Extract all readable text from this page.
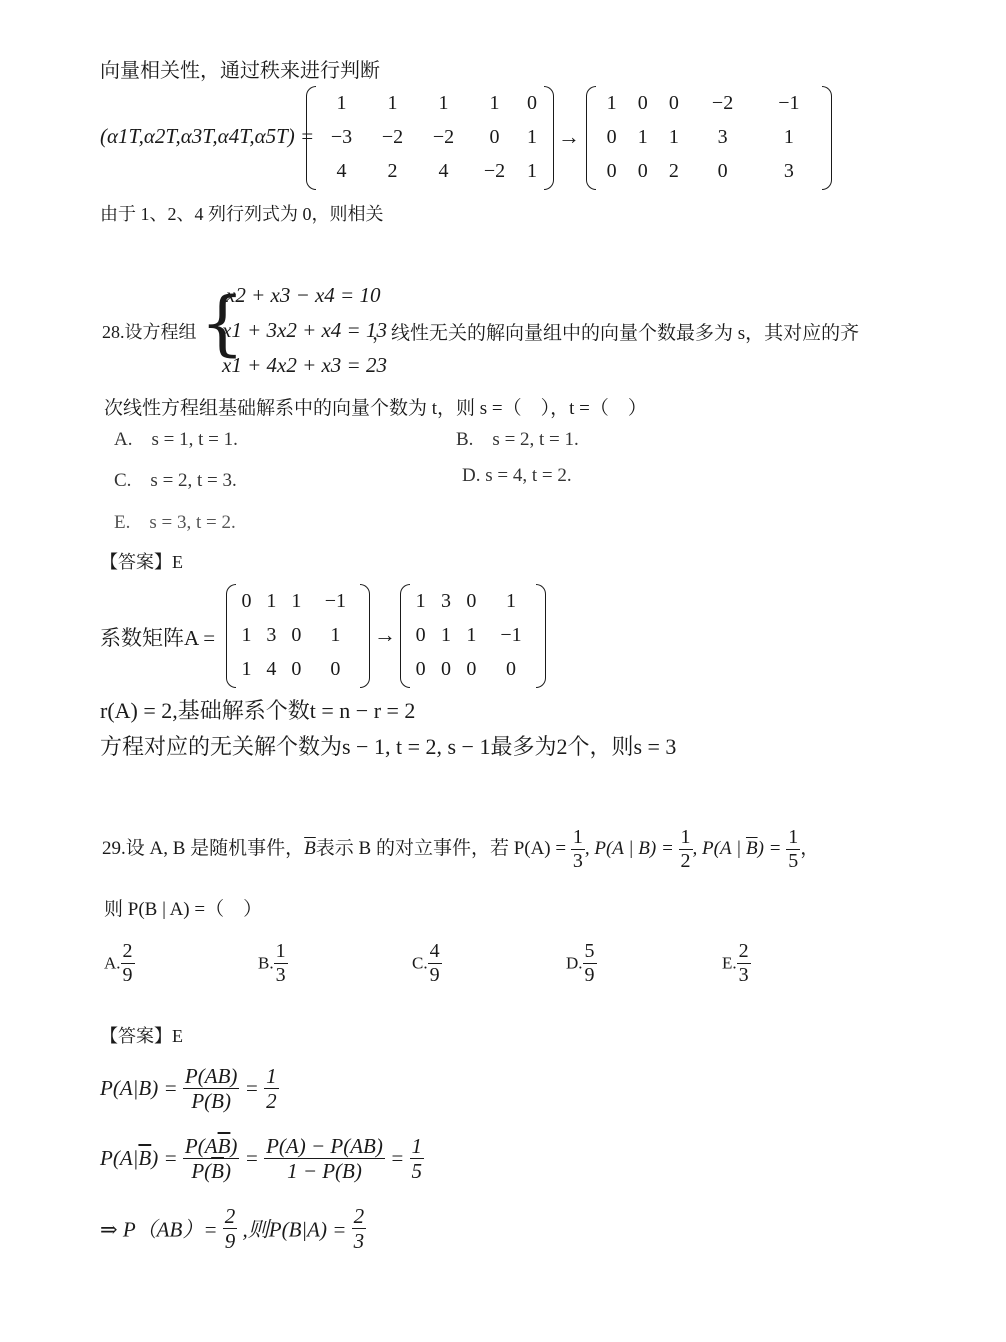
向量相关性，通过秩来进行判断
(α1T,α2T,α3T,α4T,α5T) =
1	1	1	1	0
−3	−2	−2	0	1
4	2	4	−2	1
→
1	0	0	−2	−1
0	1	1	3	1
0	0	2	0	3
由于 1、2、4 列行列式为 0，则相关
28.设方程组 {
x2 + x3 − x4 = 10
x1 + 3x2 + x4 = 13
x1 + 4x2 + x3 = 23
，线性无关的解向量组中的向量个数最多为 s，其对应的齐
次线性方程组基础解系中的向量个数为 t，则 s =（　），t =（　）
A.　s = 1, t = 1.	B.　s = 2, t = 1.
C.　s = 2, t = 3.	D. s = 4, t = 2.
E.　s = 3, t = 2.
【答案】E
系数矩阵A =
0	1	1	−1
1	3	0	1
1	4	0	0
→
1	3	0	1
0	1	1	−1
0	0	0	0
r(A) = 2,基础解系个数t = n − r = 2
方程对应的无关解个数为s − 1, t = 2, s − 1最多为2个，则s = 3
29.设 A, B 是随机事件，$\overline{B}$表示 B 的对立事件，若 $P(A) = \frac{1}{3}$ , P(A | $B) = \frac{1}{2}$ , P(A | $\overline{B}) = \frac{1}{5}$ ，
则 P(B | A) =（　）
A. $\frac{2}{9}$	B. $\frac{1}{3}$	C. $\frac{4}{9}$	D. $\frac{5}{9}$	E. $\frac{2}{3}$
【答案】E
$P(A|B) = \frac{P(AB)}{P(B)} = \frac{1}{2}$
$P(A|\overline{B}) = \frac{P(A\overline{B})}{P(\overline{B})} = \frac{P(A) - P(AB)}{1 - P(B)} = \frac{1}{5}$
⇒ $P(AB)= \frac{2}{9}$ ,则$P(B|A) = \frac{2}{3}$
